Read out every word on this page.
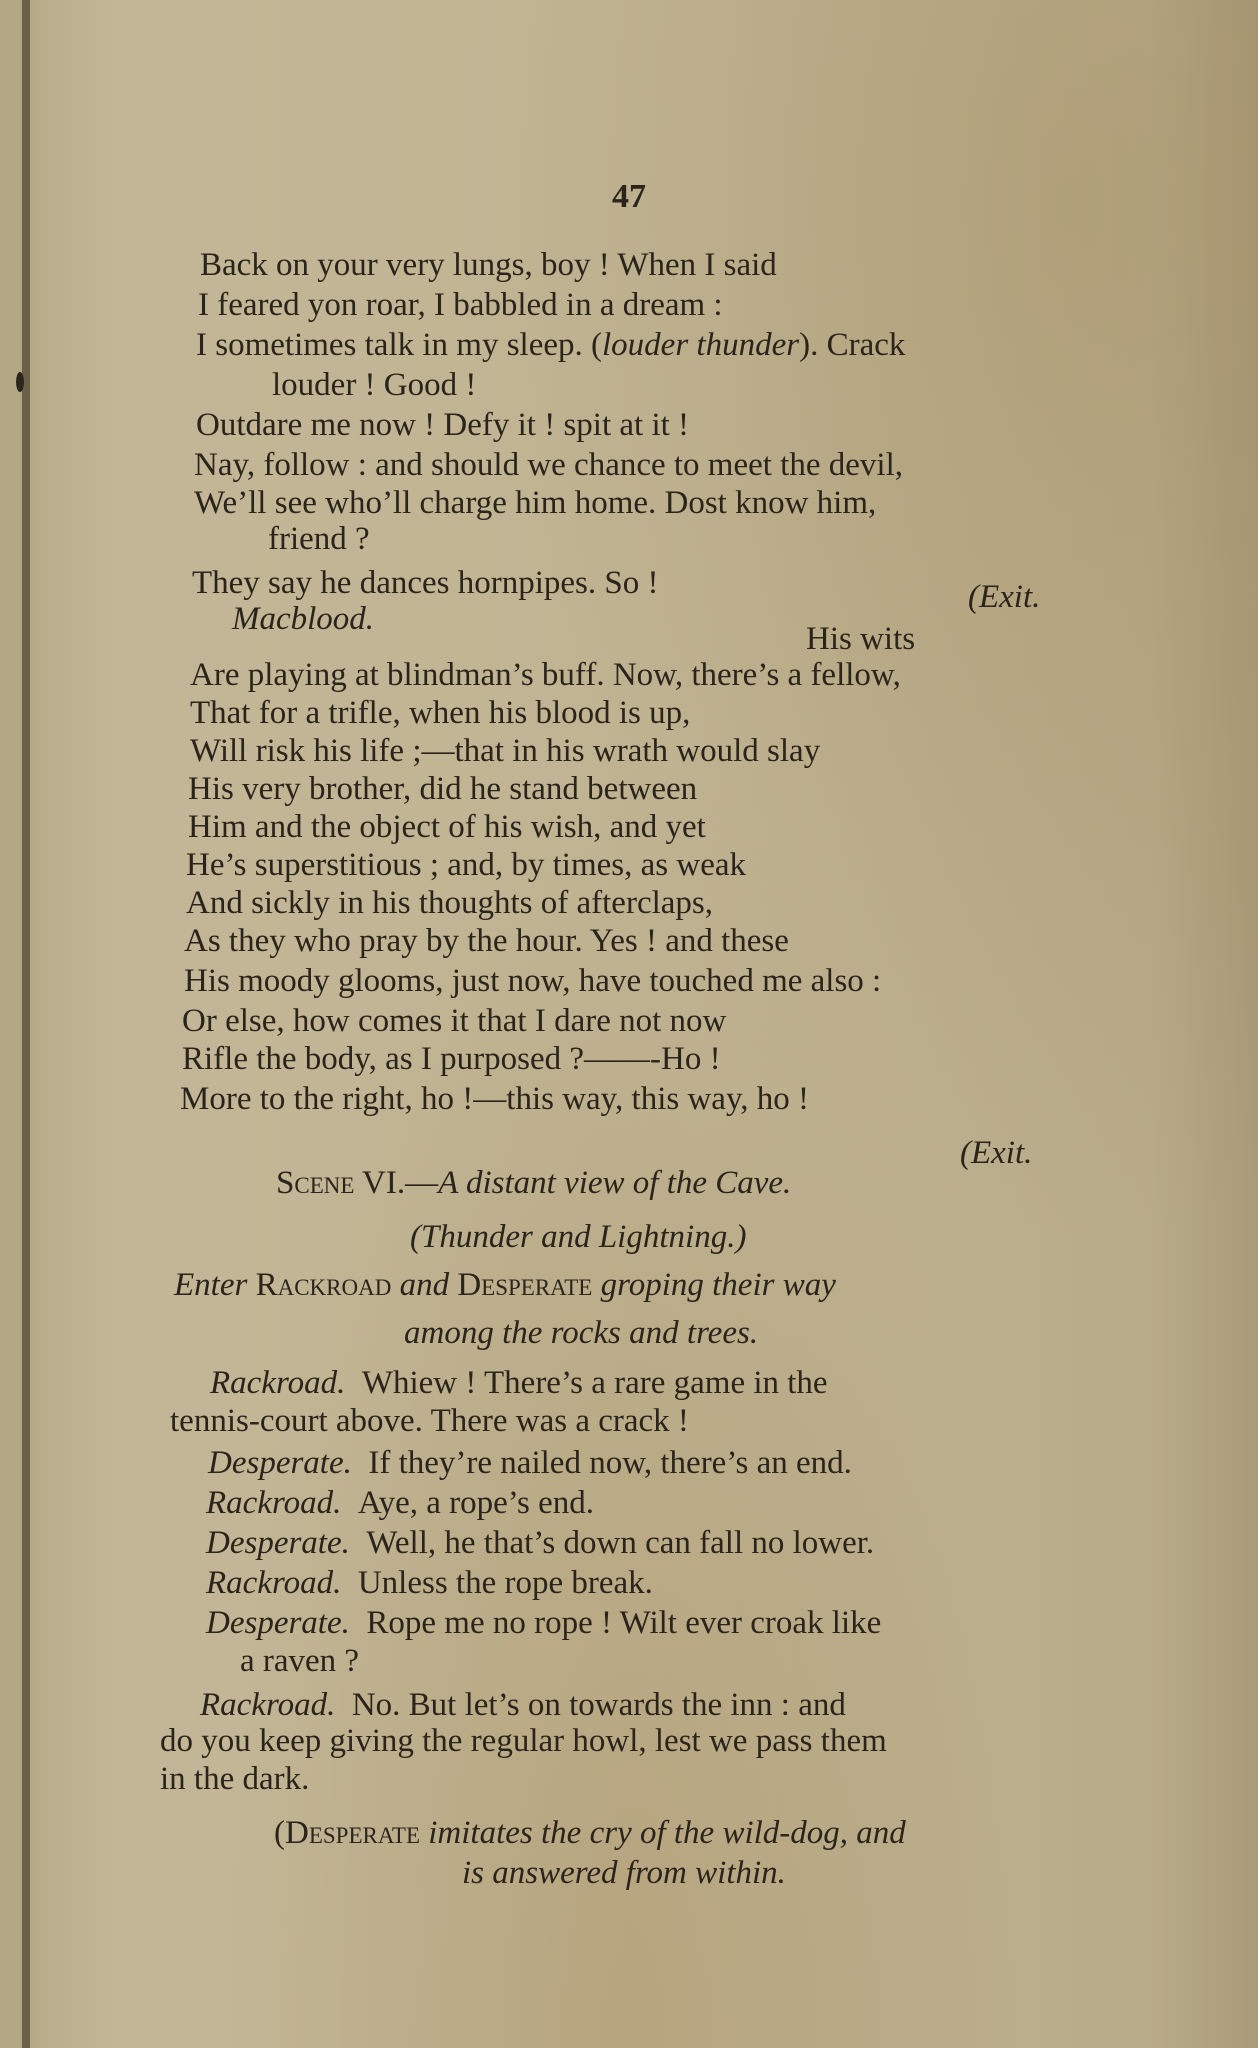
47
Back on your very lungs, boy ! When I said
I feared yon roar, I babbled in a dream :
I sometimes talk in my sleep. (louder thunder). Crack
louder ! Good !
Outdare me now ! Defy it ! spit at it !
Nay, follow : and should we chance to meet the devil,
We’ll see who’ll charge him home. Dost know him,
friend ?
They say he dances hornpipes. So !	(Exit.
Macblood.
His wits
Are playing at blindman’s buff. Now, there’s a fellow,
That for a trifle, when his blood is up,
Will risk his life ;—that in his wrath would slay
His very brother, did he stand between
Him and the object of his wish, and yet
He’s superstitious ; and, by times, as weak
And sickly in his thoughts of afterclaps,
As they who pray by the hour. Yes ! and these
His moody glooms, just now, have touched me also :
Or else, how comes it that I dare not now
Rifle the body, as I purposed ?——-Ho !
More to the right, ho !—this way, this way, ho !
(Exit.
Scene VI.—A distant view of the Cave.
(Thunder and Lightning.)
Enter Rackroad and Desperate groping their way
among the rocks and trees.
Rackroad. Whiew ! There’s a rare game in the
tennis-court above. There was a crack !
Desperate. If they’re nailed now, there’s an end.
Rackroad. Aye, a rope’s end.
Desperate. Well, he that’s down can fall no lower.
Rackroad. Unless the rope break.
Desperate. Rope me no rope ! Wilt ever croak like
a raven ?
Rackroad. No. But let’s on towards the inn : and
do you keep giving the regular howl, lest we pass them
in the dark.
(Desperate imitates the cry of the wild-dog, and
is answered from within.
